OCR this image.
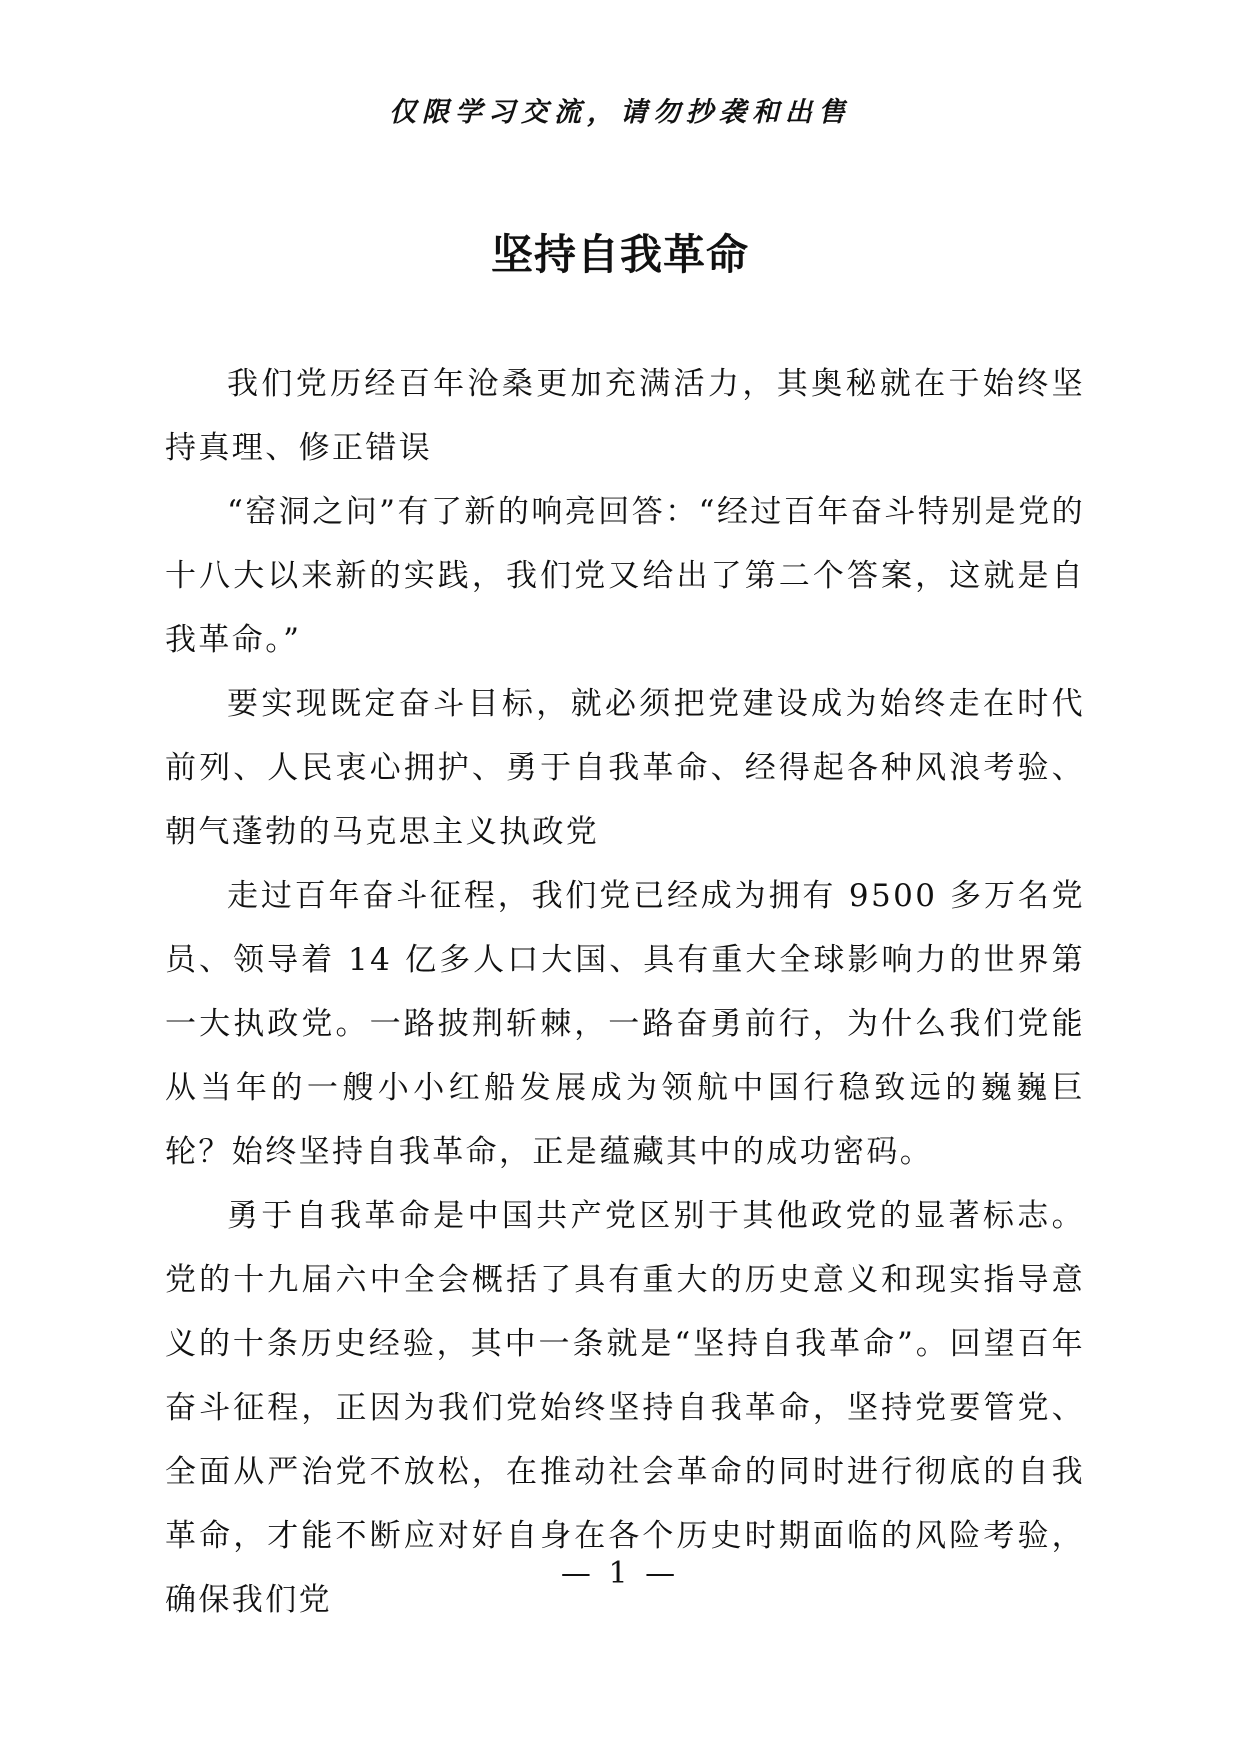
仅限学习交流，请勿抄袭和出售
坚持自我革命

我们党历经百年沧桑更加充满活力，其奥秘就在于始终坚持真理、修正错误

“窑洞之问”有了新的响亮回答：“经过百年奋斗特别是党的十八大以来新的实践，我们党又给出了第二个答案，这就是自我革命。”

要实现既定奋斗目标，就必须把党建设成为始终走在时代前列、人民衷心拥护、勇于自我革命、经得起各种风浪考验、朝气蓬勃的马克思主义执政党

走过百年奋斗征程，我们党已经成为拥有 9500 多万名党员、领导着 14 亿多人口大国、具有重大全球影响力的世界第一大执政党。一路披荆斩棘，一路奋勇前行，为什么我们党能从当年的一艘小小红船发展成为领航中国行稳致远的巍巍巨轮？始终坚持自我革命，正是蕴藏其中的成功密码。

勇于自我革命是中国共产党区别于其他政党的显著标志。党的十九届六中全会概括了具有重大的历史意义和现实指导意义的十条历史经验，其中一条就是“坚持自我革命”。回望百年奋斗征程，正因为我们党始终坚持自我革命，坚持党要管党、全面从严治党不放松，在推动社会革命的同时进行彻底的自我革命，才能不断应对好自身在各个历史时期面临的风险考验，确保我们党

— 1 —
